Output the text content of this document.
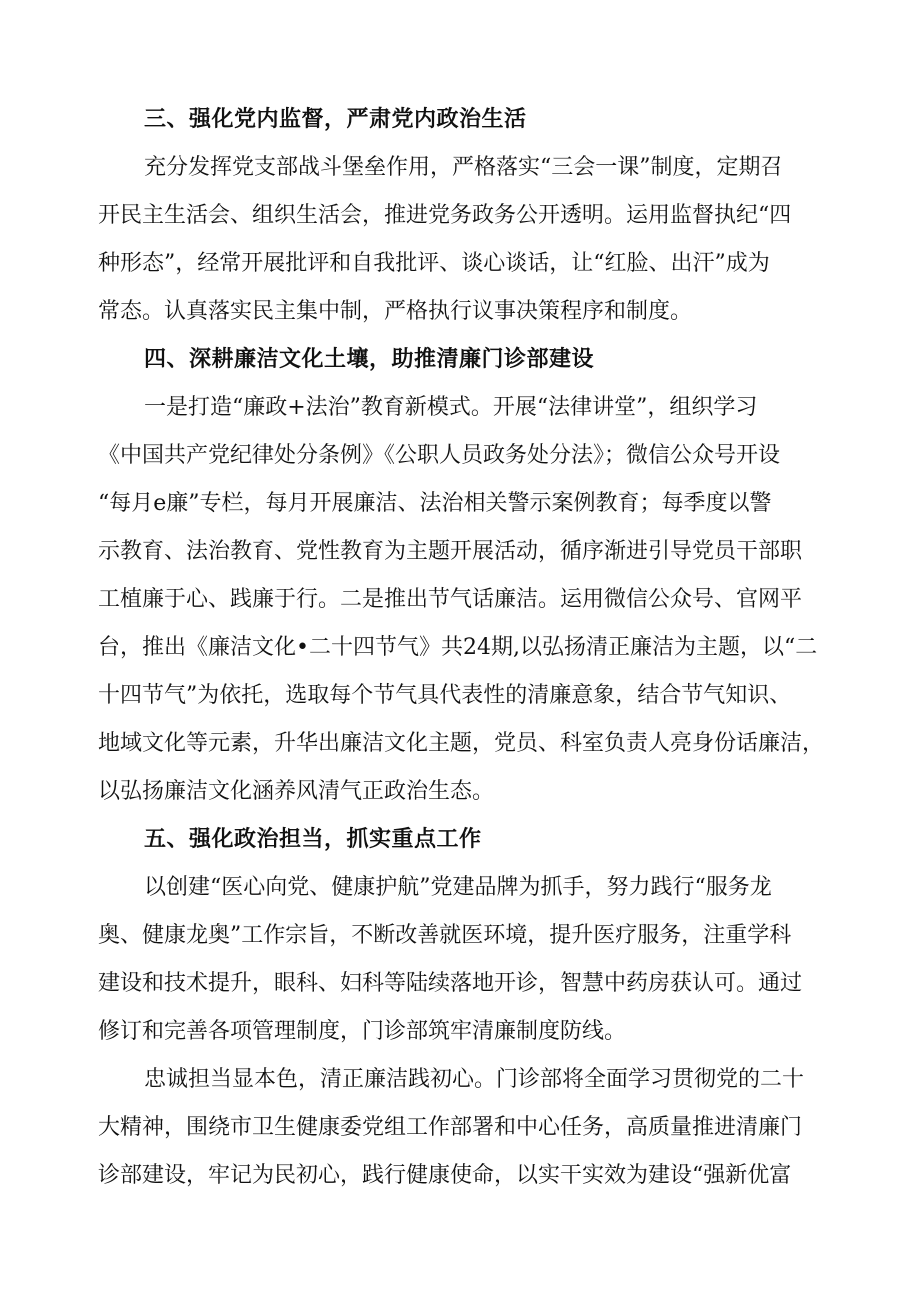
三、强化党内监督，严肃党内政治生活
充分发挥党支部战斗堡垒作用，严格落实“三会一课”制度，定期召
开民主生活会、组织生活会，推进党务政务公开透明。运用监督执纪“四
种形态”，经常开展批评和自我批评、谈心谈话，让“红脸、出汗”成为
常态。认真落实民主集中制，严格执行议事决策程序和制度。
四、深耕廉洁文化土壤，助推清廉门诊部建设
一是打造“廉政+法治”教育新模式。开展“法律讲堂”，组织学习
《中国共产党纪律处分条例》《公职人员政务处分法》；微信公众号开设
“每月e廉”专栏，每月开展廉洁、法治相关警示案例教育；每季度以警
示教育、法治教育、党性教育为主题开展活动，循序渐进引导党员干部职
工植廉于心、践廉于行。二是推出节气话廉洁。运用微信公众号、官网平
台，推出《廉洁文化•二十四节气》共24期,以弘扬清正廉洁为主题，以“二
十四节气”为依托，选取每个节气具代表性的清廉意象，结合节气知识、
地域文化等元素，升华出廉洁文化主题，党员、科室负责人亮身份话廉洁，
以弘扬廉洁文化涵养风清气正政治生态。
五、强化政治担当，抓实重点工作
以创建“医心向党、健康护航”党建品牌为抓手，努力践行“服务龙
奥、健康龙奥”工作宗旨，不断改善就医环境，提升医疗服务，注重学科
建设和技术提升，眼科、妇科等陆续落地开诊，智慧中药房获认可。通过
修订和完善各项管理制度，门诊部筑牢清廉制度防线。
忠诚担当显本色，清正廉洁践初心。门诊部将全面学习贯彻党的二十
大精神，围绕市卫生健康委党组工作部署和中心任务，高质量推进清廉门
诊部建设，牢记为民初心，践行健康使命，以实干实效为建设“强新优富
